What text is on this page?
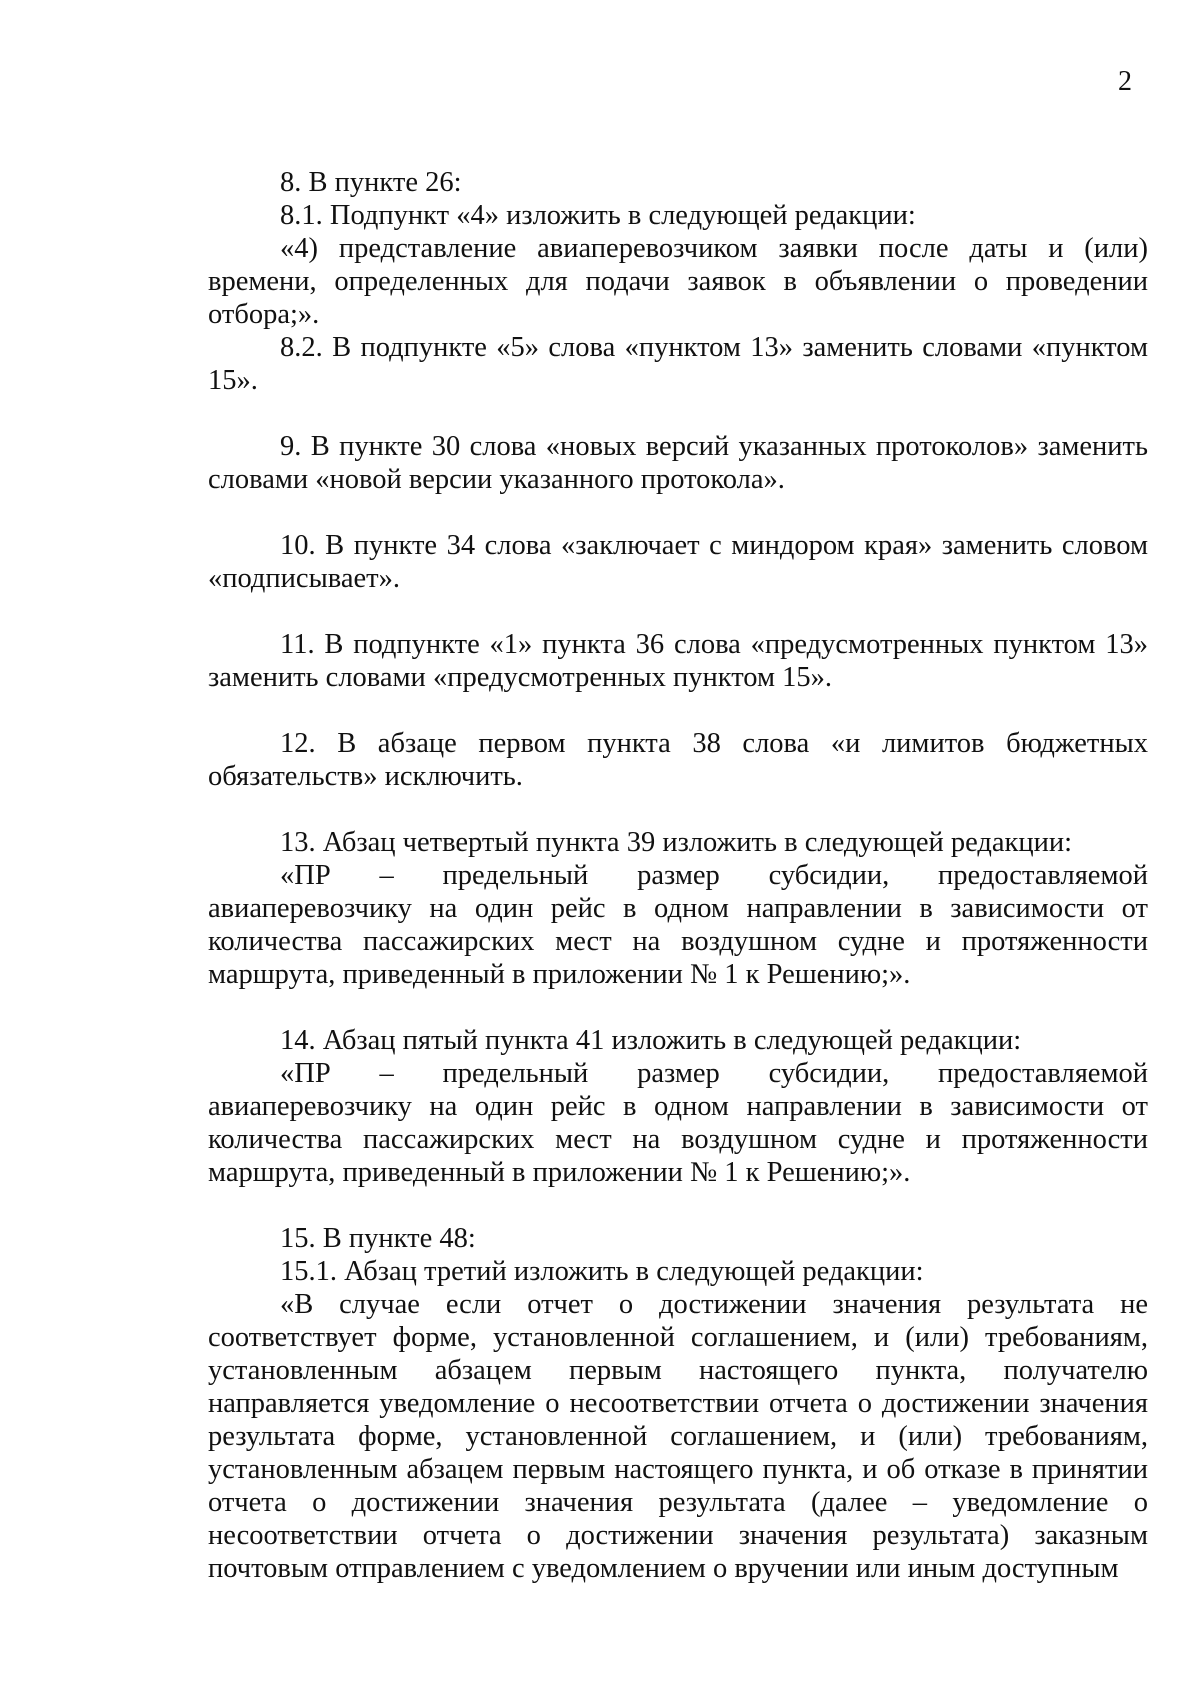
2

8. В пункте 26:

8.1. Подпункт «4» изложить в следующей редакции:

«4) представление авиаперевозчиком заявки после даты и (или) времени, определенных для подачи заявок в объявлении о проведении отбора;».

8.2. В подпункте «5» слова «пунктом 13» заменить словами «пунктом 15».

9. В пункте 30 слова «новых версий указанных протоколов» заменить словами «новой версии указанного протокола».

10. В пункте 34 слова «заключает с миндором края» заменить словом «подписывает».

11. В подпункте «1» пункта 36 слова «предусмотренных пунктом 13» заменить словами «предусмотренных пунктом 15».

12. В абзаце первом пункта 38 слова «и лимитов бюджетных обязательств» исключить.

13. Абзац четвертый пункта 39 изложить в следующей редакции:

«ПР – предельный размер субсидии, предоставляемой авиаперевозчику на один рейс в одном направлении в зависимости от количества пассажирских мест на воздушном судне и протяженности маршрута, приведенный в приложении № 1 к Решению;».

14. Абзац пятый пункта 41 изложить в следующей редакции:

«ПР – предельный размер субсидии, предоставляемой авиаперевозчику на один рейс в одном направлении в зависимости от количества пассажирских мест на воздушном судне и протяженности маршрута, приведенный в приложении № 1 к Решению;».

15. В пункте 48:

15.1. Абзац третий изложить в следующей редакции:

«В случае если отчет о достижении значения результата не соответствует форме, установленной соглашением, и (или) требованиям, установленным абзацем первым настоящего пункта, получателю направляется уведомление о несоответствии отчета о достижении значения результата форме, установленной соглашением, и (или) требованиям, установленным абзацем первым настоящего пункта, и об отказе в принятии отчета о достижении значения результата (далее – уведомление о несоответствии отчета о достижении значения результата) заказным почтовым отправлением с уведомлением о вручении или иным доступным
